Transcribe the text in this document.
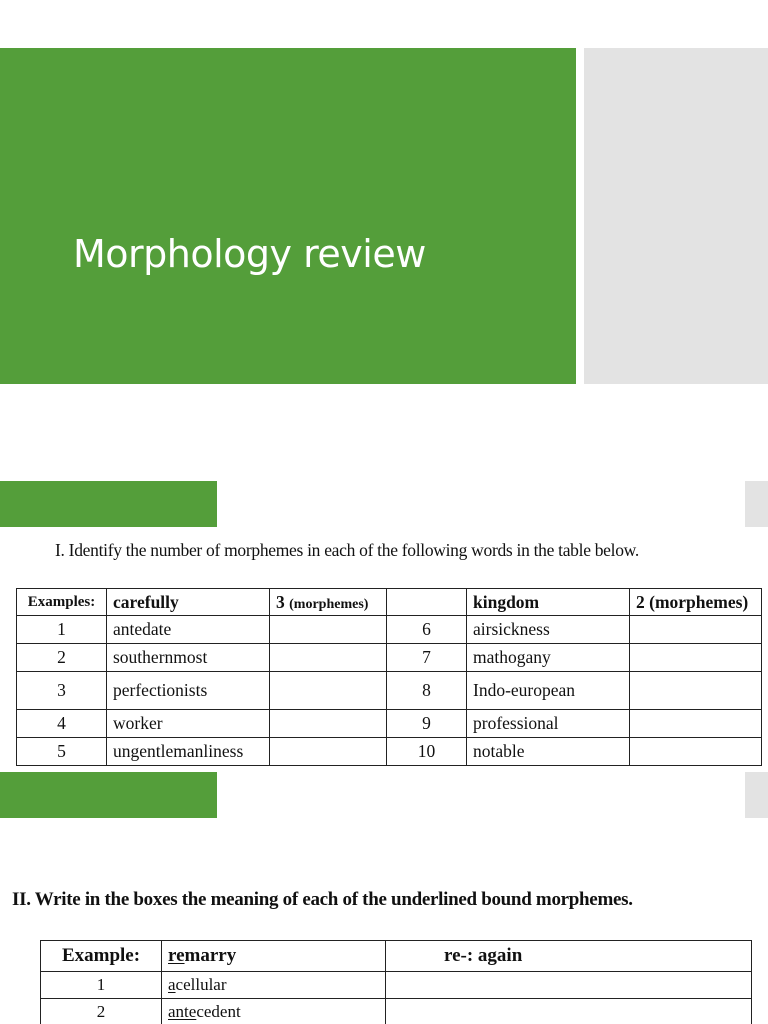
Morphology review
I. Identify the number of morphemes in each of the following words in the table below.
Examples:	carefully	3 (morphemes)		kingdom	2 (morphemes)
1	antedate		6	airsickness	
2	southernmost		7	mathogany	
3	perfectionists		8	Indo-european	
4	worker		9	professional	
5	ungentlemanliness		10	notable	
II. Write in the boxes the meaning of each of the underlined bound morphemes.
Example:	remarry	re-: again
1	acellular	
2	antecedent	
